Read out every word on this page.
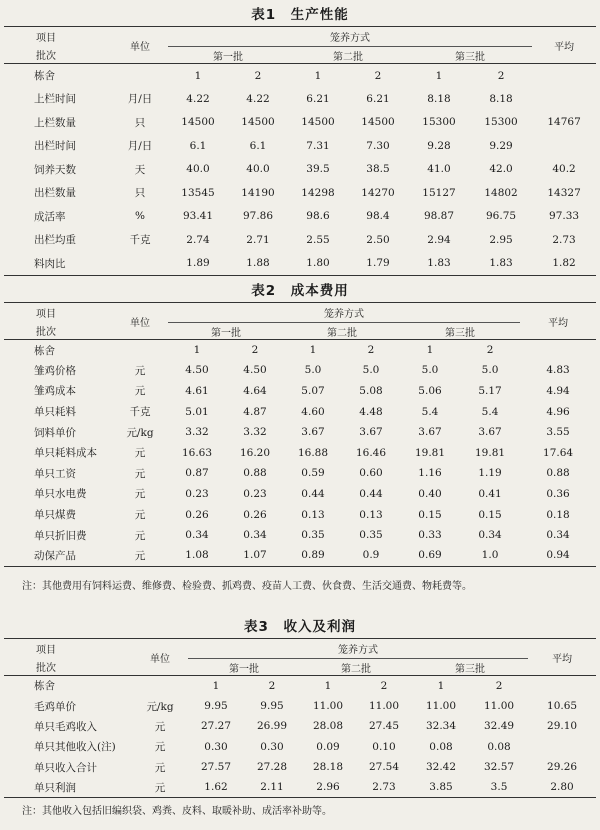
表1　生产性能
项目	单位	笼养方式						平均
批次		第一批		第二批		第三批		
栋舍		1	2	1	2	1	2	
上栏时间	月/日	4.22	4.22	6.21	6.21	8.18	8.18	
上栏数量	只	14500	14500	14500	14500	15300	15300	14767
出栏时间	月/日	6.1	6.1	7.31	7.30	9.28	9.29	
饲养天数	天	40.0	40.0	39.5	38.5	41.0	42.0	40.2
出栏数量	只	13545	14190	14298	14270	15127	14802	14327
成活率	%	93.41	97.86	98.6	98.4	98.87	96.75	97.33
出栏均重	千克	2.74	2.71	2.55	2.50	2.94	2.95	2.73
料肉比		1.89	1.88	1.80	1.79	1.83	1.83	1.82
表2　成本费用
项目	单位	笼养方式						平均
批次		第一批		第二批		第三批		
栋舍		1	2	1	2	1	2	
雏鸡价格	元	4.50	4.50	5.0	5.0	5.0	5.0	4.83
雏鸡成本	元	4.61	4.64	5.07	5.08	5.06	5.17	4.94
单只耗料	千克	5.01	4.87	4.60	4.48	5.4	5.4	4.96
饲料单价	元/kg	3.32	3.32	3.67	3.67	3.67	3.67	3.55
单只耗料成本	元	16.63	16.20	16.88	16.46	19.81	19.81	17.64
单只工资	元	0.87	0.88	0.59	0.60	1.16	1.19	0.88
单只水电费	元	0.23	0.23	0.44	0.44	0.40	0.41	0.36
单只煤费	元	0.26	0.26	0.13	0.13	0.15	0.15	0.18
单只折旧费	元	0.34	0.34	0.35	0.35	0.33	0.34	0.34
动保产品	元	1.08	1.07	0.89	0.9	0.69	1.0	0.94
注：其他费用有饲料运费、维修费、检验费、抓鸡费、疫苗人工费、伙食费、生活交通费、物耗费等。
表3　收入及利润
项目	单位	笼养方式						平均
批次		第一批		第二批		第三批		
栋舍		1	2	1	2	1	2	
毛鸡单价	元/kg	9.95	9.95	11.00	11.00	11.00	11.00	10.65
单只毛鸡收入	元	27.27	26.99	28.08	27.45	32.34	32.49	29.10
单只其他收入(注)	元	0.30	0.30	0.09	0.10	0.08	0.08	
单只收入合计	元	27.57	27.28	28.18	27.54	32.42	32.57	29.26
单只利润	元	1.62	2.11	2.96	2.73	3.85	3.5	2.80
注：其他收入包括旧编织袋、鸡粪、皮料、取暖补助、成活率补助等。
